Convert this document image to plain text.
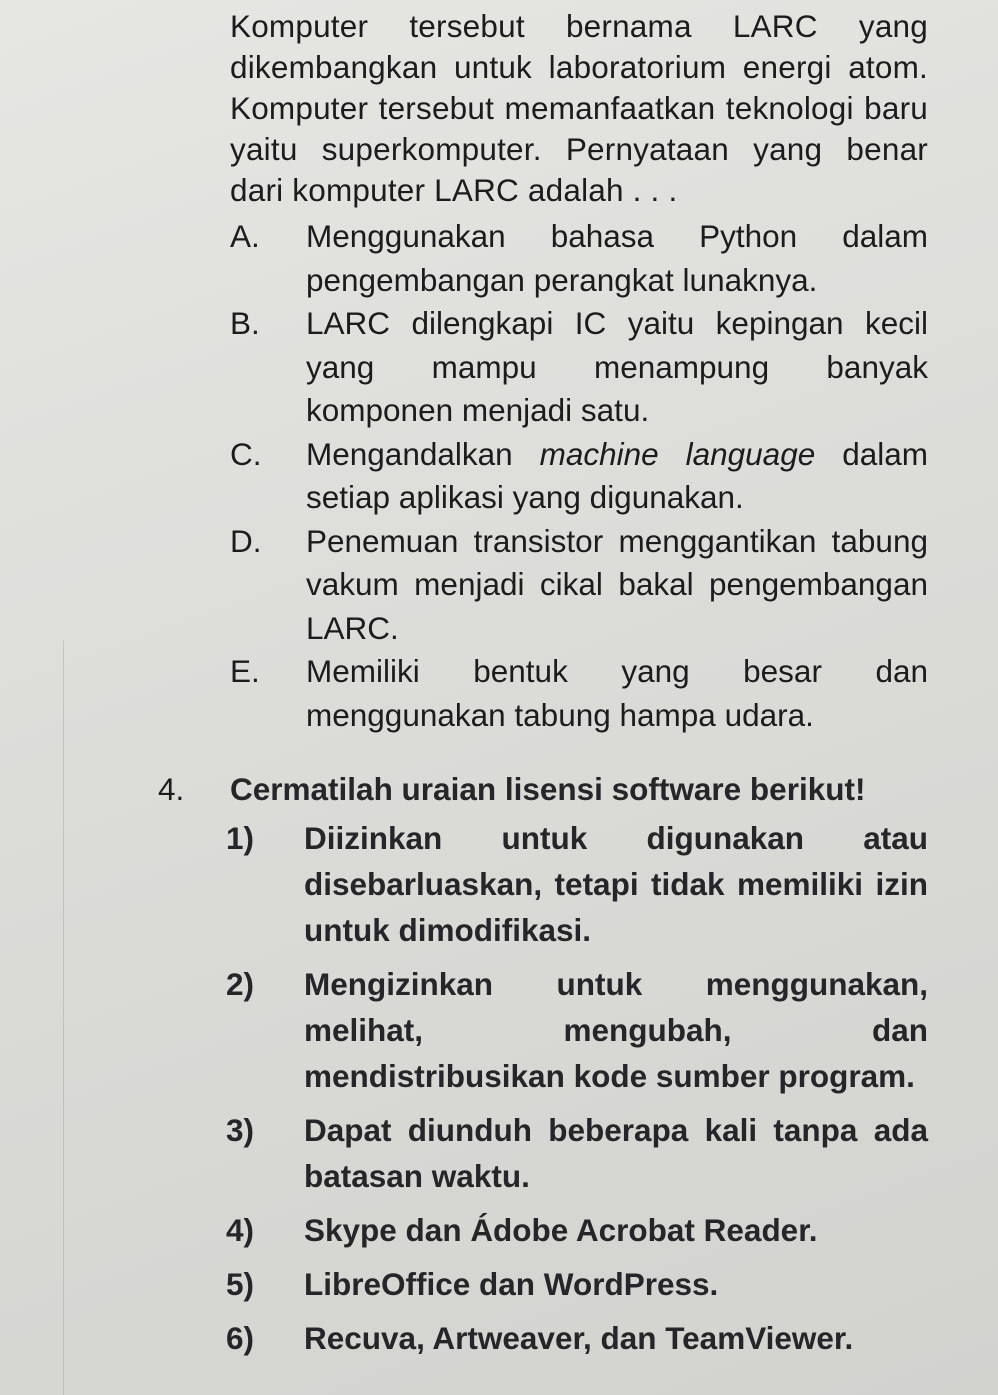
Komputer tersebut bernama LARC yang dikembangkan untuk laboratorium energi atom. Komputer tersebut memanfaatkan teknologi baru yaitu superkomputer. Pernyataan yang benar dari komputer LARC adalah . . .
A.	Menggunakan bahasa Python dalam pengembangan perangkat lunaknya.
B.	LARC dilengkapi IC yaitu kepingan kecil yang mampu menampung banyak komponen menjadi satu.
C.	Mengandalkan machine language dalam setiap aplikasi yang digunakan.
D.	Penemuan transistor menggantikan tabung vakum menjadi cikal bakal pengembangan LARC.
E.	Memiliki bentuk yang besar dan menggunakan tabung hampa udara.
4.	Cermatilah uraian lisensi software berikut!
1)	Diizinkan untuk digunakan atau disebarluaskan, tetapi tidak memiliki izin untuk dimodifikasi.
2)	Mengizinkan untuk menggunakan, melihat, mengubah, dan mendistribusikan kode sumber program.
3)	Dapat diunduh beberapa kali tanpa ada batasan waktu.
4)	Skype dan Ádobe Acrobat Reader.
5)	LibreOffice dan WordPress.
6)	Recuva, Artweaver, dan TeamViewer.
